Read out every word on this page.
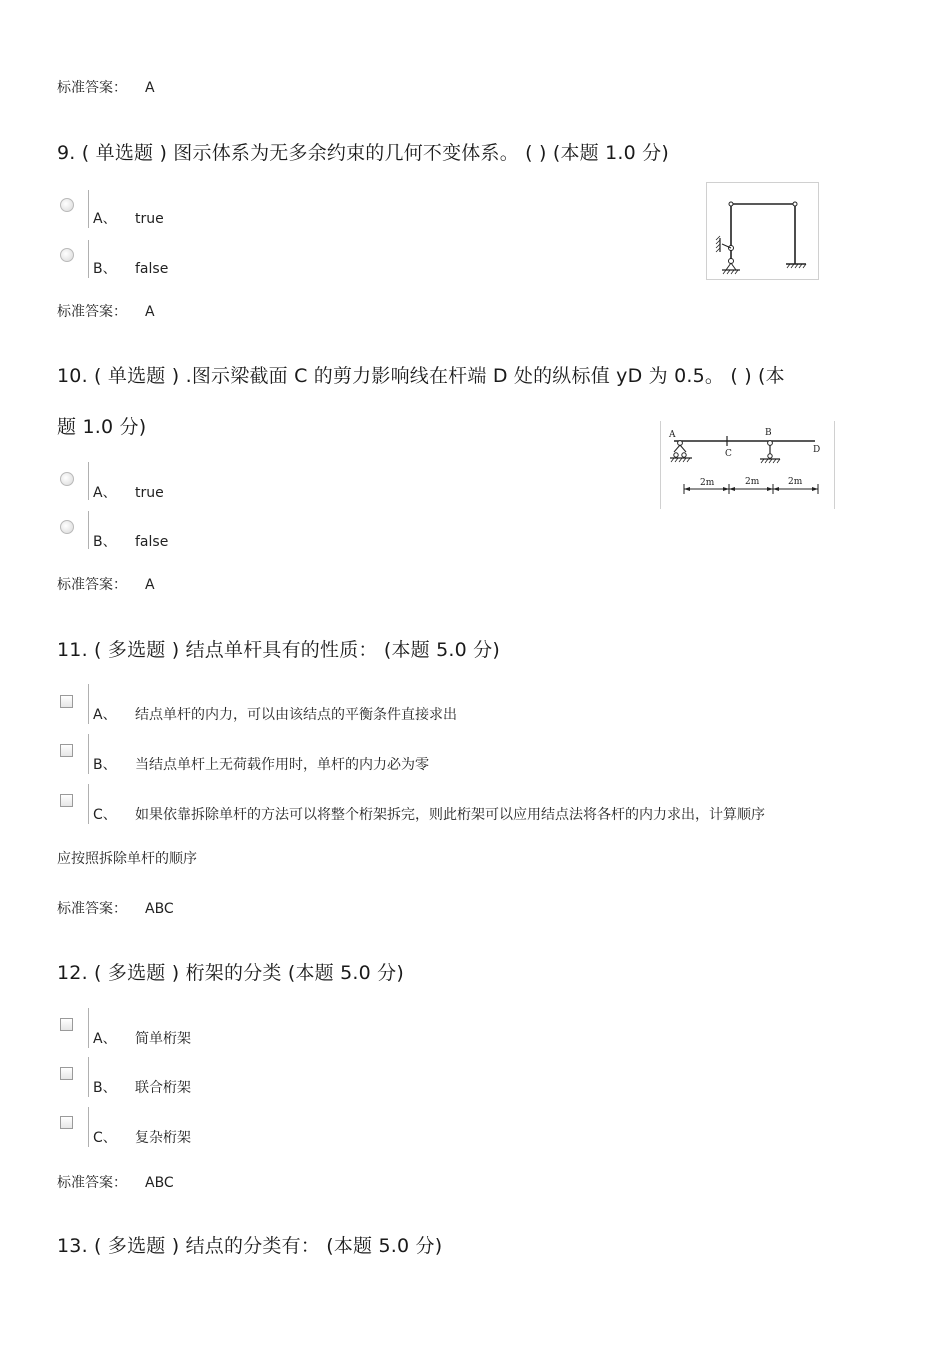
标准答案： A
9. ( 单选题 ) 图示体系为无多余约束的几何不变体系。 ( ) (本题 1.0 分)
A、 true
B、 false
标准答案： A
10. ( 单选题 ) .图示梁截面 C 的剪力影响线在杆端 D 处的纵标值 yD 为 0.5。 ( ) (本
题 1.0 分)
A、 true
B、 false
A	B
C	D
2m	2m	2m
标准答案： A
11. ( 多选题 ) 结点单杆具有的性质： (本题 5.0 分)
A、 结点单杆的内力，可以由该结点的平衡条件直接求出
B、 当结点单杆上无荷载作用时，单杆的内力必为零
C、 如果依靠拆除单杆的方法可以将整个桁架拆完，则此桁架可以应用结点法将各杆的内力求出，计算顺序
应按照拆除单杆的顺序
标准答案： ABC
12. ( 多选题 ) 桁架的分类 (本题 5.0 分)
A、 简单桁架
B、 联合桁架
C、 复杂桁架
标准答案： ABC
13. ( 多选题 ) 结点的分类有： (本题 5.0 分)
